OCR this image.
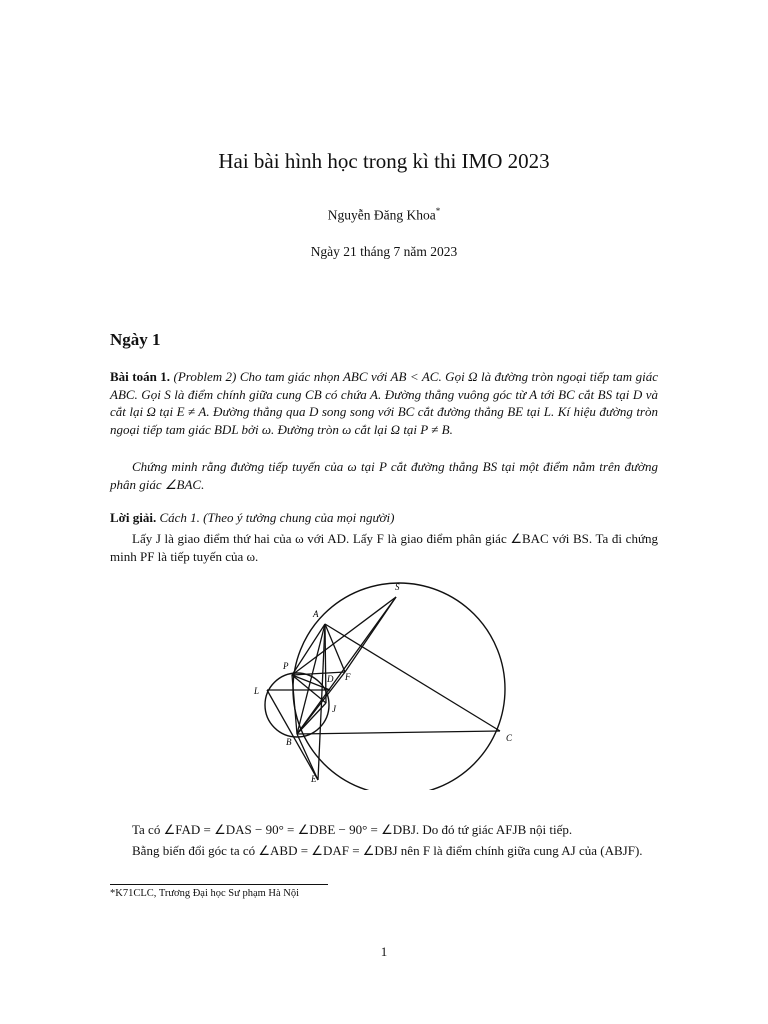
Hai bài hình học trong kì thi IMO 2023
Nguyễn Đăng Khoa*
Ngày 21 tháng 7 năm 2023
Ngày 1
Bài toán 1. (Problem 2) Cho tam giác nhọn ABC với AB < AC. Gọi Ω là đường tròn ngoại tiếp tam giác ABC. Gọi S là điểm chính giữa cung CB có chứa A. Đường thẳng vuông góc từ A tới BC cắt BS tại D và cắt lại Ω tại E ≠ A. Đường thẳng qua D song song với BC cắt đường thẳng BE tại L. Kí hiệu đường tròn ngoại tiếp tam giác BDL bởi ω. Đường tròn ω cắt lại Ω tại P ≠ B.
Chứng minh rằng đường tiếp tuyến của ω tại P cắt đường thẳng BS tại một điểm nằm trên đường phân giác ∠BAC.
Lời giải. Cách 1. (Theo ý tưởng chung của mọi người)
Lấy J là giao điểm thứ hai của ω với AD. Lấy F là giao điểm phân giác ∠BAC với BS. Ta đi chứng minh PF là tiếp tuyến của ω.
S
A
P
F
L
D
J
B	C
E
Ta có ∠FAD = ∠DAS − 90° = ∠DBE − 90° = ∠DBJ. Do đó tứ giác AFJB nội tiếp.
Bằng biến đổi góc ta có ∠ABD = ∠DAF = ∠DBJ nên F là điểm chính giữa cung AJ của (ABJF).
*K71CLC, Trương Đại học Sư phạm Hà Nội
1
